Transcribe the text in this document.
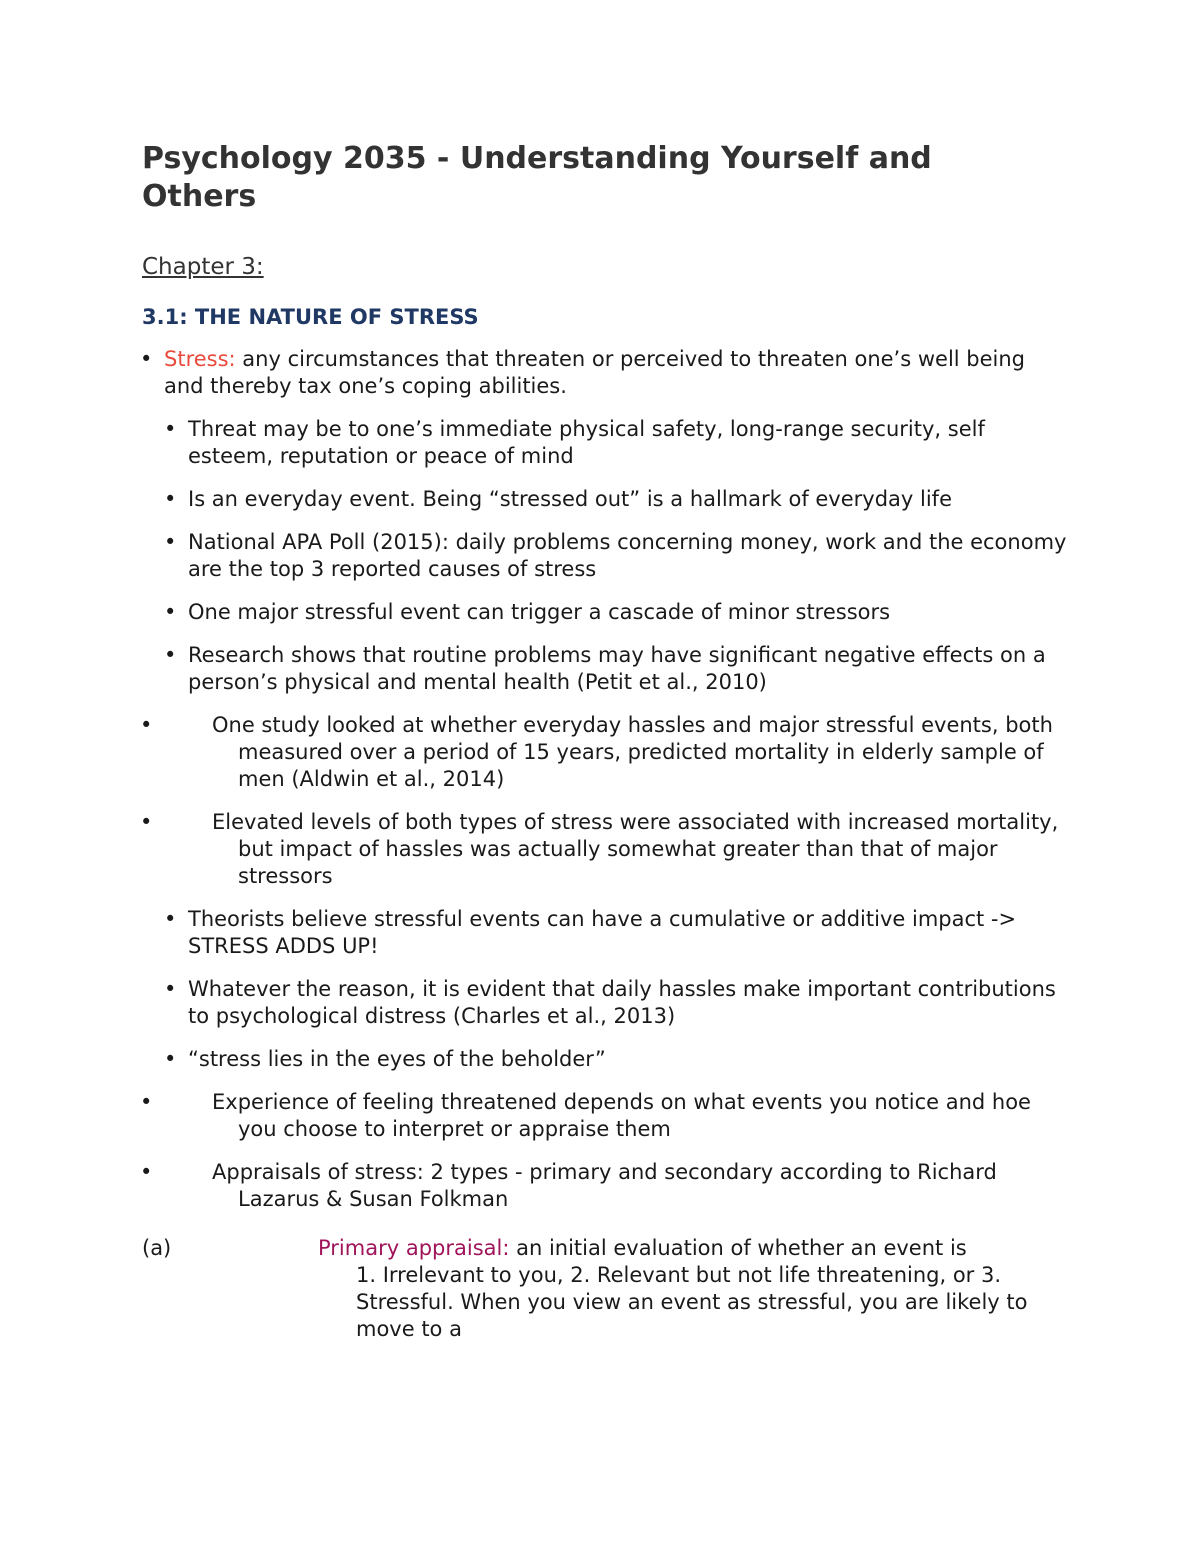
Psychology 2035 - Understanding Yourself and Others
Chapter 3:
3.1: THE NATURE OF STRESS
• Stress: any circumstances that threaten or perceived to threaten one’s well being and thereby tax one’s coping abilities.
• Threat may be to one’s immediate physical safety, long-range security, self esteem, reputation or peace of mind
• Is an everyday event. Being “stressed out” is a hallmark of everyday life
• National APA Poll (2015): daily problems concerning money, work and the economy are the top 3 reported causes of stress
• One major stressful event can trigger a cascade of minor stressors
• Research shows that routine problems may have significant negative effects on a person’s physical and mental health (Petit et al., 2010)
•	One study looked at whether everyday hassles and major stressful events, both measured over a period of 15 years, predicted mortality in elderly sample of men (Aldwin et al., 2014)
•	Elevated levels of both types of stress were associated with increased mortality, but impact of hassles was actually somewhat greater than that of major stressors
• Theorists believe stressful events can have a cumulative or additive impact -> STRESS ADDS UP!
• Whatever the reason, it is evident that daily hassles make important contributions to psychological distress (Charles et al., 2013)
• “stress lies in the eyes of the beholder”
•	Experience of feeling threatened depends on what events you notice and hoe you choose to interpret or appraise them
•	Appraisals of stress: 2 types - primary and secondary according to Richard Lazarus & Susan Folkman
(a)	Primary appraisal: an initial evaluation of whether an event is
1. Irrelevant to you, 2. Relevant but not life threatening, or 3. Stressful. When you view an event as stressful, you are likely to move to a
